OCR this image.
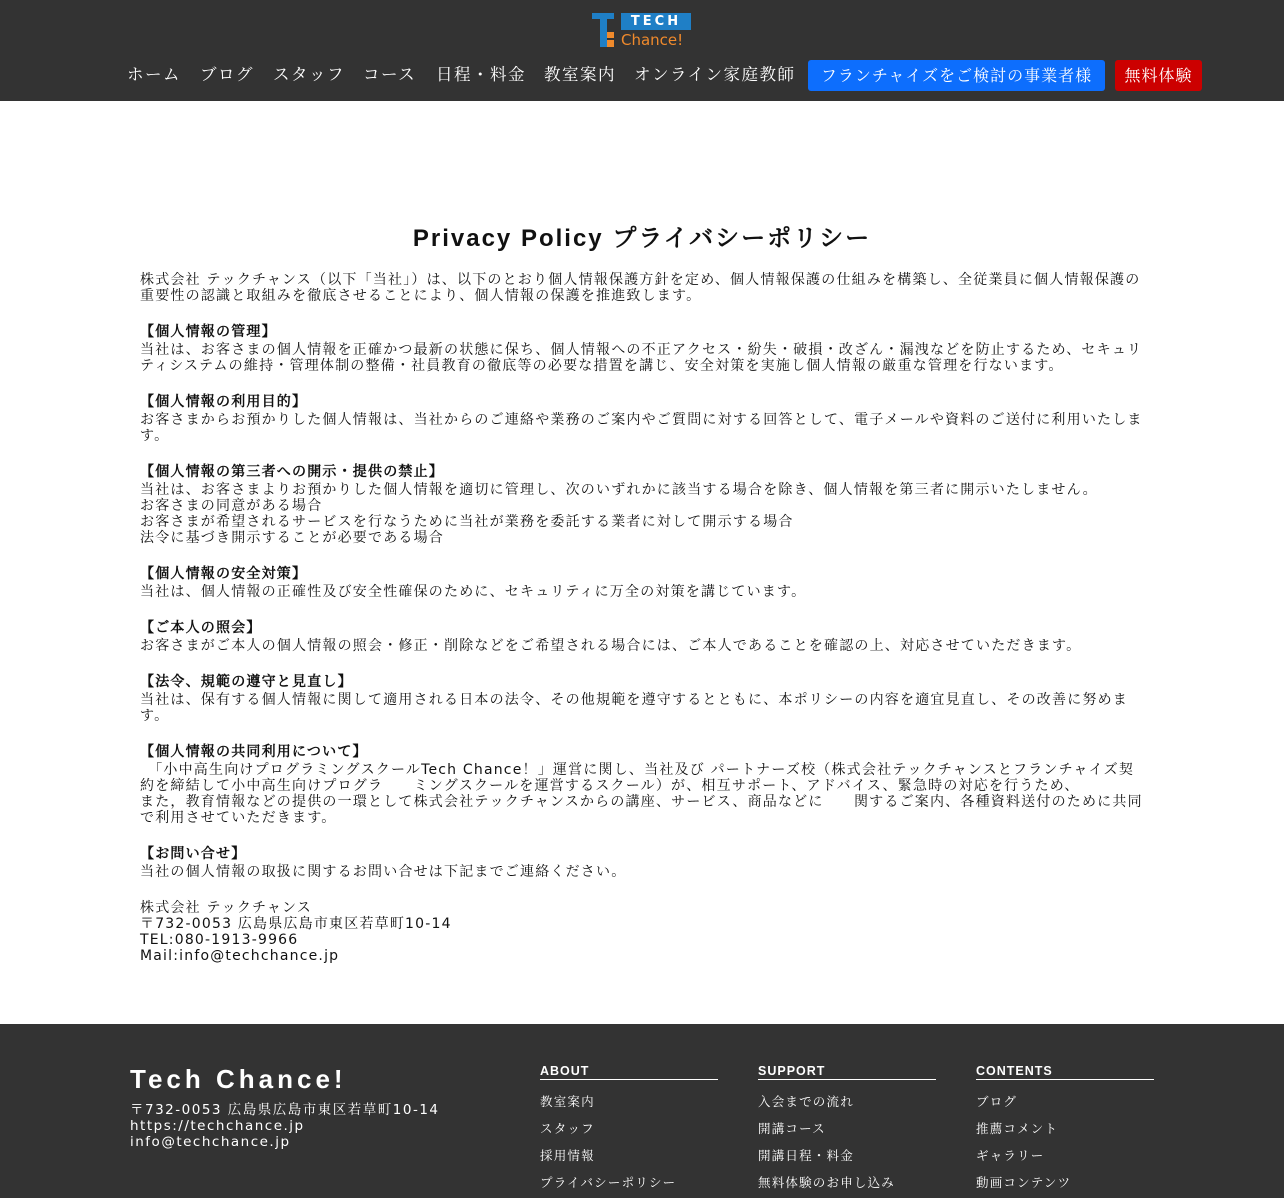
TECH
Chance!
ホーム ブログ スタッフ コース 日程・料金 教室案内 オンライン家庭教師	フランチャイズをご検討の事業者様	無料体験
Privacy Policy プライバシーポリシー

株式会社 テックチャンス（以下「当社」）は、以下のとおり個人情報保護方針を定め、個人情報保護の仕組みを構築し、全従業員に個人情報保護の重要性の認識と取組みを徹底させることにより、個人情報の保護を推進致します。

【個人情報の管理】

当社は、お客さまの個人情報を正確かつ最新の状態に保ち、個人情報への不正アクセス・紛失・破損・改ざん・漏洩などを防止するため、セキュリティシステムの維持・管理体制の整備・社員教育の徹底等の必要な措置を講じ、安全対策を実施し個人情報の厳重な管理を行ないます。

【個人情報の利用目的】

お客さまからお預かりした個人情報は、当社からのご連絡や業務のご案内やご質問に対する回答として、電子メールや資料のご送付に利用いたします。

【個人情報の第三者への開示・提供の禁止】

当社は、お客さまよりお預かりした個人情報を適切に管理し、次のいずれかに該当する場合を除き、個人情報を第三者に開示いたしません。

お客さまの同意がある場合

お客さまが希望されるサービスを行なうために当社が業務を委託する業者に対して開示する場合

法令に基づき開示することが必要である場合

【個人情報の安全対策】

当社は、個人情報の正確性及び安全性確保のために、セキュリティに万全の対策を講じています。

【ご本人の照会】

お客さまがご本人の個人情報の照会・修正・削除などをご希望される場合には、ご本人であることを確認の上、対応させていただきます。

【法令、規範の遵守と見直し】

当社は、保有する個人情報に関して適用される日本の法令、その他規範を遵守するとともに、本ポリシーの内容を適宜見直し、その改善に努めます。

【個人情報の共同利用について】

　「小中高生向けプログラミングスクールTech Chance！」運営に関し、当社及び パートナーズ校（株式会社テックチャンスとフランチャイズ契約を締結して小中高生向けプログラ　　ミングスクールを運営するスクール）が、相互サポート、アドバイス、緊急時の対応を行うため、

また，教育情報などの提供の一環として株式会社テックチャンスからの講座、サービス、商品などに　　関するご案内、各種資料送付のために共同で利用させていただきます。

【お問い合せ】

当社の個人情報の取扱に関するお問い合せは下記までご連絡ください。

株式会社 テックチャンス

〒732-0053 広島県広島市東区若草町10-14

TEL:080-1913-9966

Mail:info@techchance.jp

Tech Chance!
〒732-0053 広島県広島市東区若草町10-14
https://techchance.jp
info@techchance.jp
ABOUT
教室案内
スタッフ
採用情報
プライバシーポリシー
SUPPORT
入会までの流れ
開講コース
開講日程・料金
無料体験のお申し込み
CONTENTS
ブログ
推薦コメント
ギャラリー
動画コンテンツ
